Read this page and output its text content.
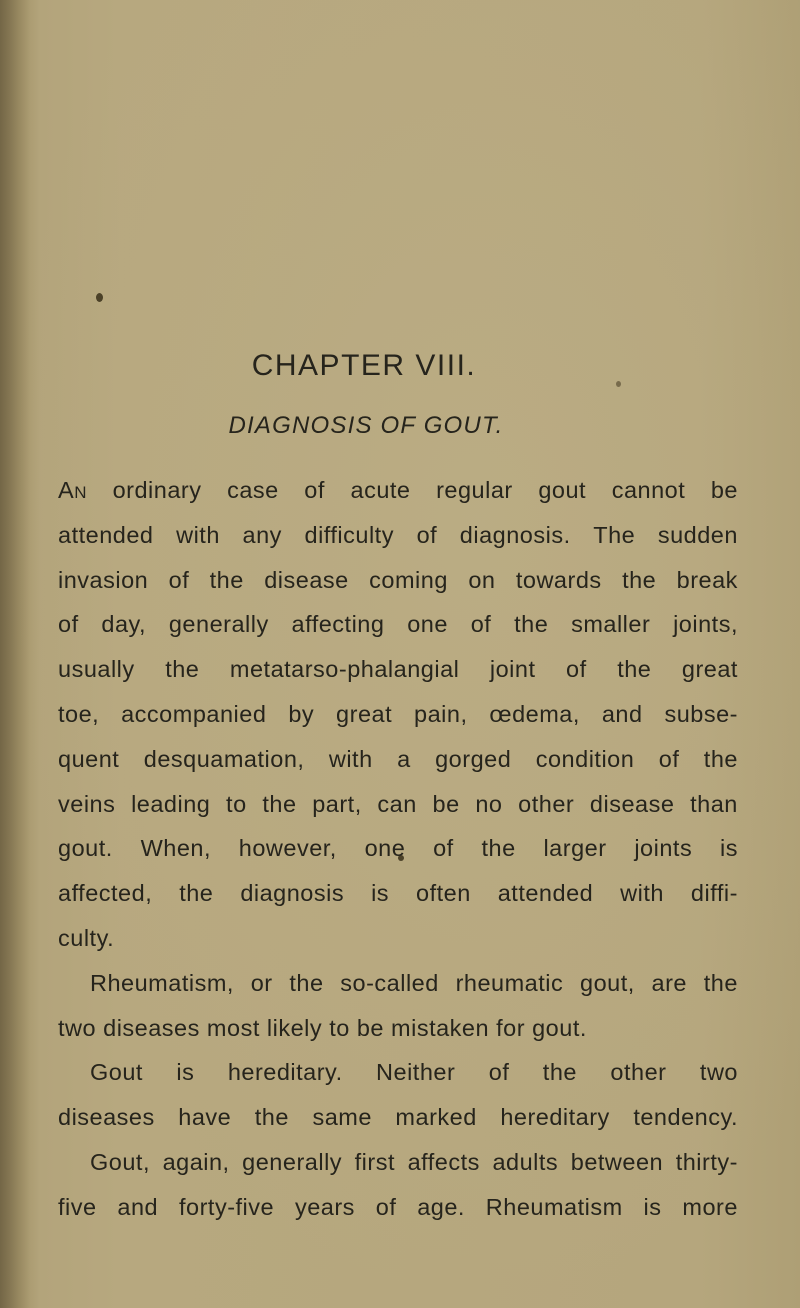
CHAPTER VIII.
DIAGNOSIS OF GOUT.
AN ordinary case of acute regular gout cannot be
attended with any difficulty of diagnosis. The sudden
invasion of the disease coming on towards the break
of day, generally affecting one of the smaller joints,
usually the metatarso-phalangial joint of the great
toe, accompanied by great pain, œdema, and subse-
quent desquamation, with a gorged condition of the
veins leading to the part, can be no other disease than
gout. When, however, one of the larger joints is
affected, the diagnosis is often attended with diffi-
culty.
Rheumatism, or the so-called rheumatic gout, are the
two diseases most likely to be mistaken for gout.
Gout is hereditary. Neither of the other two
diseases have the same marked hereditary tendency.
Gout, again, generally first affects adults between thirty-
five and forty-five years of age. Rheumatism is more
